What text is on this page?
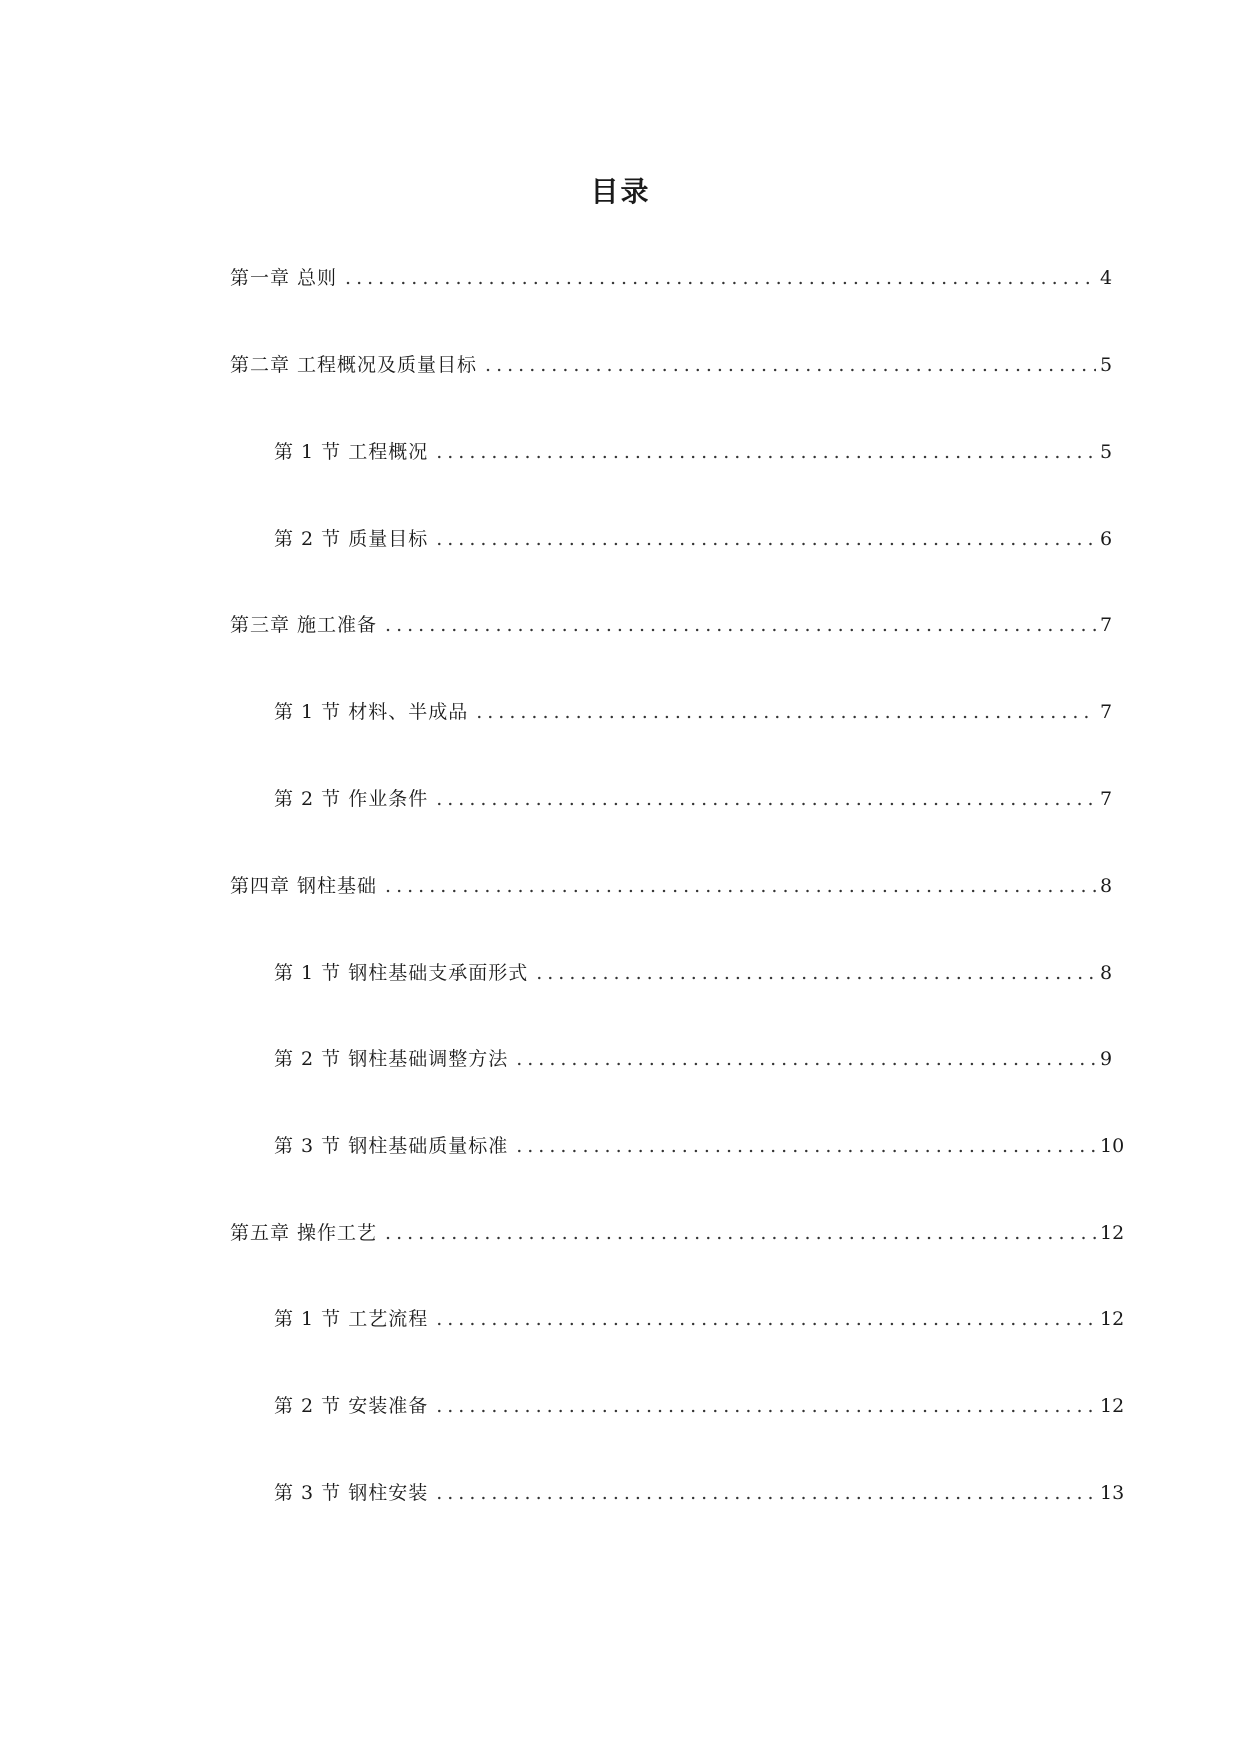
目录
第一章 总则 .....	4
第二章 工程概况及质量目标 .....	5
第 1 节 工程概况 .....	5
第 2 节 质量目标 .....	6
第三章 施工准备 .....	7
第 1 节 材料、半成品 .....	7
第 2 节 作业条件 .....	7
第四章 钢柱基础 .....	8
第 1 节 钢柱基础支承面形式 .....	8
第 2 节 钢柱基础调整方法 .....	9
第 3 节 钢柱基础质量标准 .....	10
第五章 操作工艺 .....	12
第 1 节 工艺流程 .....	12
第 2 节 安装准备 .....	12
第 3 节 钢柱安装 .....	13
